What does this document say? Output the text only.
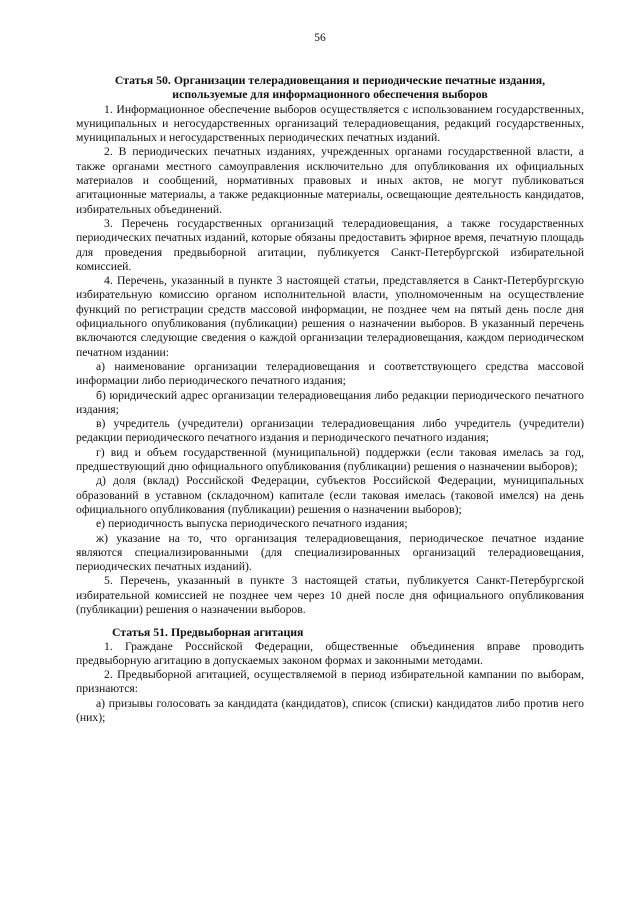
56
Статья 50. Организации телерадиовещания и периодические печатные издания,
используемые для информационного обеспечения выборов

1. Информационное обеспечение выборов осуществляется с использованием государственных, муниципальных и негосударственных организаций телерадиовещания, редакций государственных, муниципальных и негосударственных периодических печатных изданий.

2. В периодических печатных изданиях, учрежденных органами государственной власти, а также органами местного самоуправления исключительно для опубликования их официальных материалов и сообщений, нормативных правовых и иных актов, не могут публиковаться агитационные материалы, а также редакционные материалы, освещающие деятельность кандидатов, избирательных объединений.

3. Перечень государственных организаций телерадиовещания, а также государственных периодических печатных изданий, которые обязаны предоставить эфирное время, печатную площадь для проведения предвыборной агитации, публикуется Санкт-Петербургской избирательной комиссией.

4. Перечень, указанный в пункте 3 настоящей статьи, представляется в Санкт-Петербургскую избирательную комиссию органом исполнительной власти, уполномоченным на осуществление функций по регистрации средств массовой информации, не позднее чем на пятый день после дня официального опубликования (публикации) решения о назначении выборов. В указанный перечень включаются следующие сведения о каждой организации телерадиовещания, каждом периодическом печатном издании:

а) наименование организации телерадиовещания и соответствующего средства массовой информации либо периодического печатного издания;

б) юридический адрес организации телерадиовещания либо редакции периодического печатного издания;

в) учредитель (учредители) организации телерадиовещания либо учредитель (учредители) редакции периодического печатного издания и периодического печатного издания;

г) вид и объем государственной (муниципальной) поддержки (если таковая имелась за год, предшествующий дню официального опубликования (публикации) решения о назначении выборов);

д) доля (вклад) Российской Федерации, субъектов Российской Федерации, муниципальных образований в уставном (складочном) капитале (если таковая имелась (таковой имелся) на день официального опубликования (публикации) решения о назначении выборов);

е) периодичность выпуска периодического печатного издания;

ж) указание на то, что организация телерадиовещания, периодическое печатное издание являются специализированными (для специализированных организаций телерадиовещания, периодических печатных изданий).

5. Перечень, указанный в пункте 3 настоящей статьи, публикуется Санкт-Петербургской избирательной комиссией не позднее чем через 10 дней после дня официального опубликования (публикации) решения о назначении выборов.

Статья 51. Предвыборная агитация

1. Граждане Российской Федерации, общественные объединения вправе проводить предвыборную агитацию в допускаемых законом формах и законными методами.

2. Предвыборной агитацией, осуществляемой в период избирательной кампании по выборам, признаются:

а) призывы голосовать за кандидата (кандидатов), список (списки) кандидатов либо против него (них);
